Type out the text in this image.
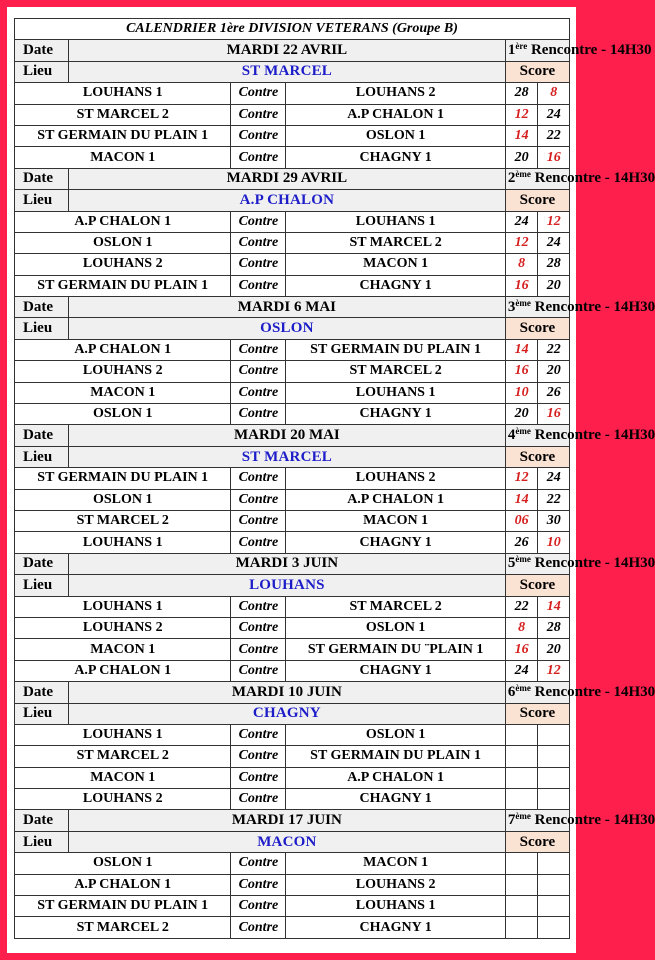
CALENDRIER 1ère DIVISION VETERANS (Groupe B)					
Date	MARDI 22 AVRIL			1ère Rencontre - 14H30	
Lieu	ST MARCEL			Score	
LOUHANS 1		Contre	LOUHANS 2	28	8
ST MARCEL 2		Contre	A.P CHALON 1	12	24
ST GERMAIN DU PLAIN 1		Contre	OSLON 1	14	22
MACON 1		Contre	CHAGNY 1	20	16
Date	MARDI 29 AVRIL			2ème Rencontre - 14H30	
Lieu	A.P CHALON			Score	
A.P CHALON 1		Contre	LOUHANS 1	24	12
OSLON 1		Contre	ST MARCEL 2	12	24
LOUHANS 2		Contre	MACON 1	8	28
ST GERMAIN DU PLAIN 1		Contre	CHAGNY 1	16	20
Date	MARDI 6 MAI			3ème Rencontre - 14H30	
Lieu	OSLON			Score	
A.P CHALON 1		Contre	ST GERMAIN DU PLAIN 1	14	22
LOUHANS 2		Contre	ST MARCEL 2	16	20
MACON 1		Contre	LOUHANS 1	10	26
OSLON 1		Contre	CHAGNY 1	20	16
Date	MARDI 20 MAI			4ème Rencontre - 14H30	
Lieu	ST MARCEL			Score	
ST GERMAIN DU PLAIN 1		Contre	LOUHANS 2	12	24
OSLON 1		Contre	A.P CHALON 1	14	22
ST MARCEL 2		Contre	MACON 1	06	30
LOUHANS 1		Contre	CHAGNY 1	26	10
Date	MARDI 3 JUIN			5ème Rencontre - 14H30	
Lieu	LOUHANS			Score	
LOUHANS 1		Contre	ST MARCEL 2	22	14
LOUHANS 2		Contre	OSLON 1	8	28
MACON 1		Contre	ST GERMAIN DU ¨PLAIN 1	16	20
A.P CHALON 1		Contre	CHAGNY 1	24	12
Date	MARDI 10 JUIN			6ème Rencontre - 14H30	
Lieu	CHAGNY			Score	
LOUHANS 1		Contre	OSLON 1		
ST MARCEL 2		Contre	ST GERMAIN DU PLAIN 1		
MACON 1		Contre	A.P CHALON 1		
LOUHANS 2		Contre	CHAGNY 1		
Date	MARDI 17 JUIN			7ème Rencontre - 14H30	
Lieu	MACON			Score	
OSLON 1		Contre	MACON 1		
A.P CHALON 1		Contre	LOUHANS 2		
ST GERMAIN DU PLAIN 1		Contre	LOUHANS 1		
ST MARCEL 2		Contre	CHAGNY 1		
